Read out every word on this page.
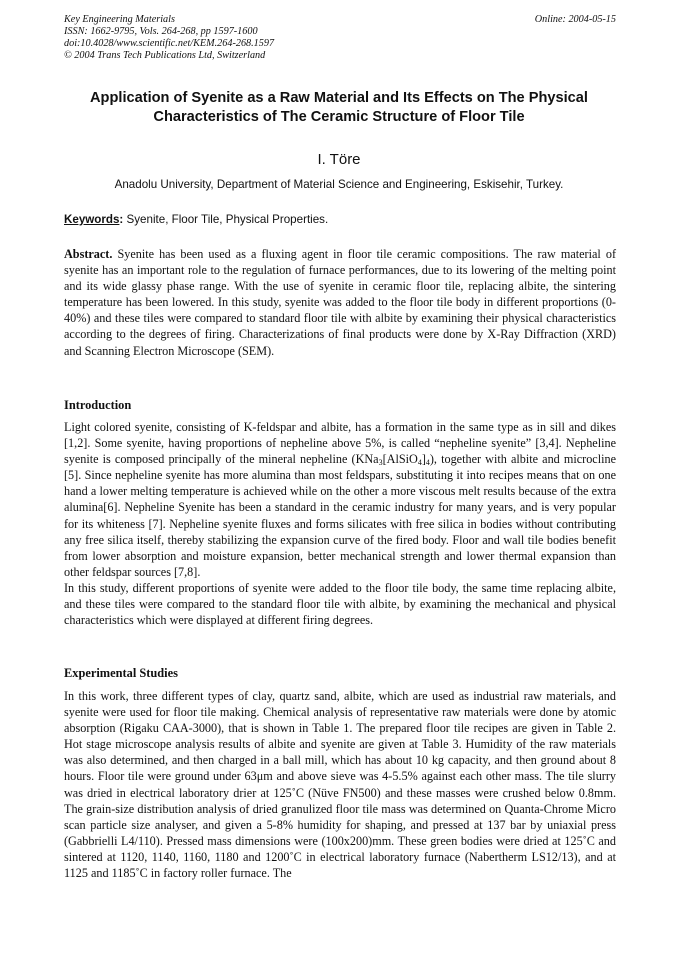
Key Engineering Materials
ISSN: 1662-9795, Vols. 264-268, pp 1597-1600
doi:10.4028/www.scientific.net/KEM.264-268.1597
© 2004 Trans Tech Publications Ltd, Switzerland
Online: 2004-05-15
Application of Syenite as a Raw Material and Its Effects on The Physical
Characteristics of The Ceramic Structure of Floor Tile
I. Töre
Anadolu University, Department of Material Science and Engineering, Eskisehir, Turkey.
Keywords: Syenite, Floor Tile, Physical Properties.

Abstract. Syenite has been used as a fluxing agent in floor tile ceramic compositions. The raw material of syenite has an important role to the regulation of furnace performances, due to its lowering of the melting point and its wide glassy phase range. With the use of syenite in ceramic floor tile, replacing albite, the sintering temperature has been lowered. In this study, syenite was added to the floor tile body in different proportions (0-40%) and these tiles were compared to standard floor tile with albite by examining their physical characteristics according to the degrees of firing. Characterizations of final products were done by X-Ray Diffraction (XRD) and Scanning Electron Microscope (SEM).

Introduction

Light colored syenite, consisting of K-feldspar and albite, has a formation in the same type as in sill and dikes [1,2]. Some syenite, having proportions of nepheline above 5%, is called “nepheline syenite” [3,4]. Nepheline syenite is composed principally of the mineral nepheline $(KNa_3[AlSiO_4]_4)$, together with albite and microcline [5]. Since nepheline syenite has more alumina than most feldspars, substituting it into recipes means that on one hand a lower melting temperature is achieved while on the other a more viscous melt results because of the extra alumina[6]. Nepheline Syenite has been a standard in the ceramic industry for many years, and is very popular for its whiteness [7]. Nepheline syenite fluxes and forms silicates with free silica in bodies without contributing any free silica itself, thereby stabilizing the expansion curve of the fired body. Floor and wall tile bodies benefit from lower absorption and moisture expansion, better mechanical strength and lower thermal expansion than other feldspar sources [7,8].

In this study, different proportions of syenite were added to the floor tile body, the same time replacing albite, and these tiles were compared to the standard floor tile with albite, by examining the mechanical and physical characteristics which were displayed at different firing degrees.

Experimental Studies

In this work, three different types of clay, quartz sand, albite, which are used as industrial raw materials, and syenite were used for floor tile making. Chemical analysis of representative raw materials were done by atomic absorption (Rigaku CAA-3000), that is shown in Table 1. The prepared floor tile recipes are given in Table 2. Hot stage microscope analysis results of albite and syenite are given at Table 3. Humidity of the raw materials was also determined, and then charged in a ball mill, which has about 10 kg capacity, and then ground about 8 hours. Floor tile were ground under 63μm and above sieve was 4-5.5% against each other mass. The tile slurry was dried in electrical laboratory drier at 125˚C (Nüve FN500) and these masses were crushed below 0.8mm. The grain-size distribution analysis of dried granulized floor tile mass was determined on Quanta-Chrome Micro scan particle size analyser, and given a 5-8% humidity for shaping, and pressed at 137 bar by uniaxial press (Gabbrielli L4/110). Pressed mass dimensions were (100x200)mm. These green bodies were dried at 125˚C and sintered at 1120, 1140, 1160, 1180 and 1200˚C in electrical laboratory furnace (Nabertherm LS12/13), and at 1125 and 1185˚C in factory roller furnace. The
